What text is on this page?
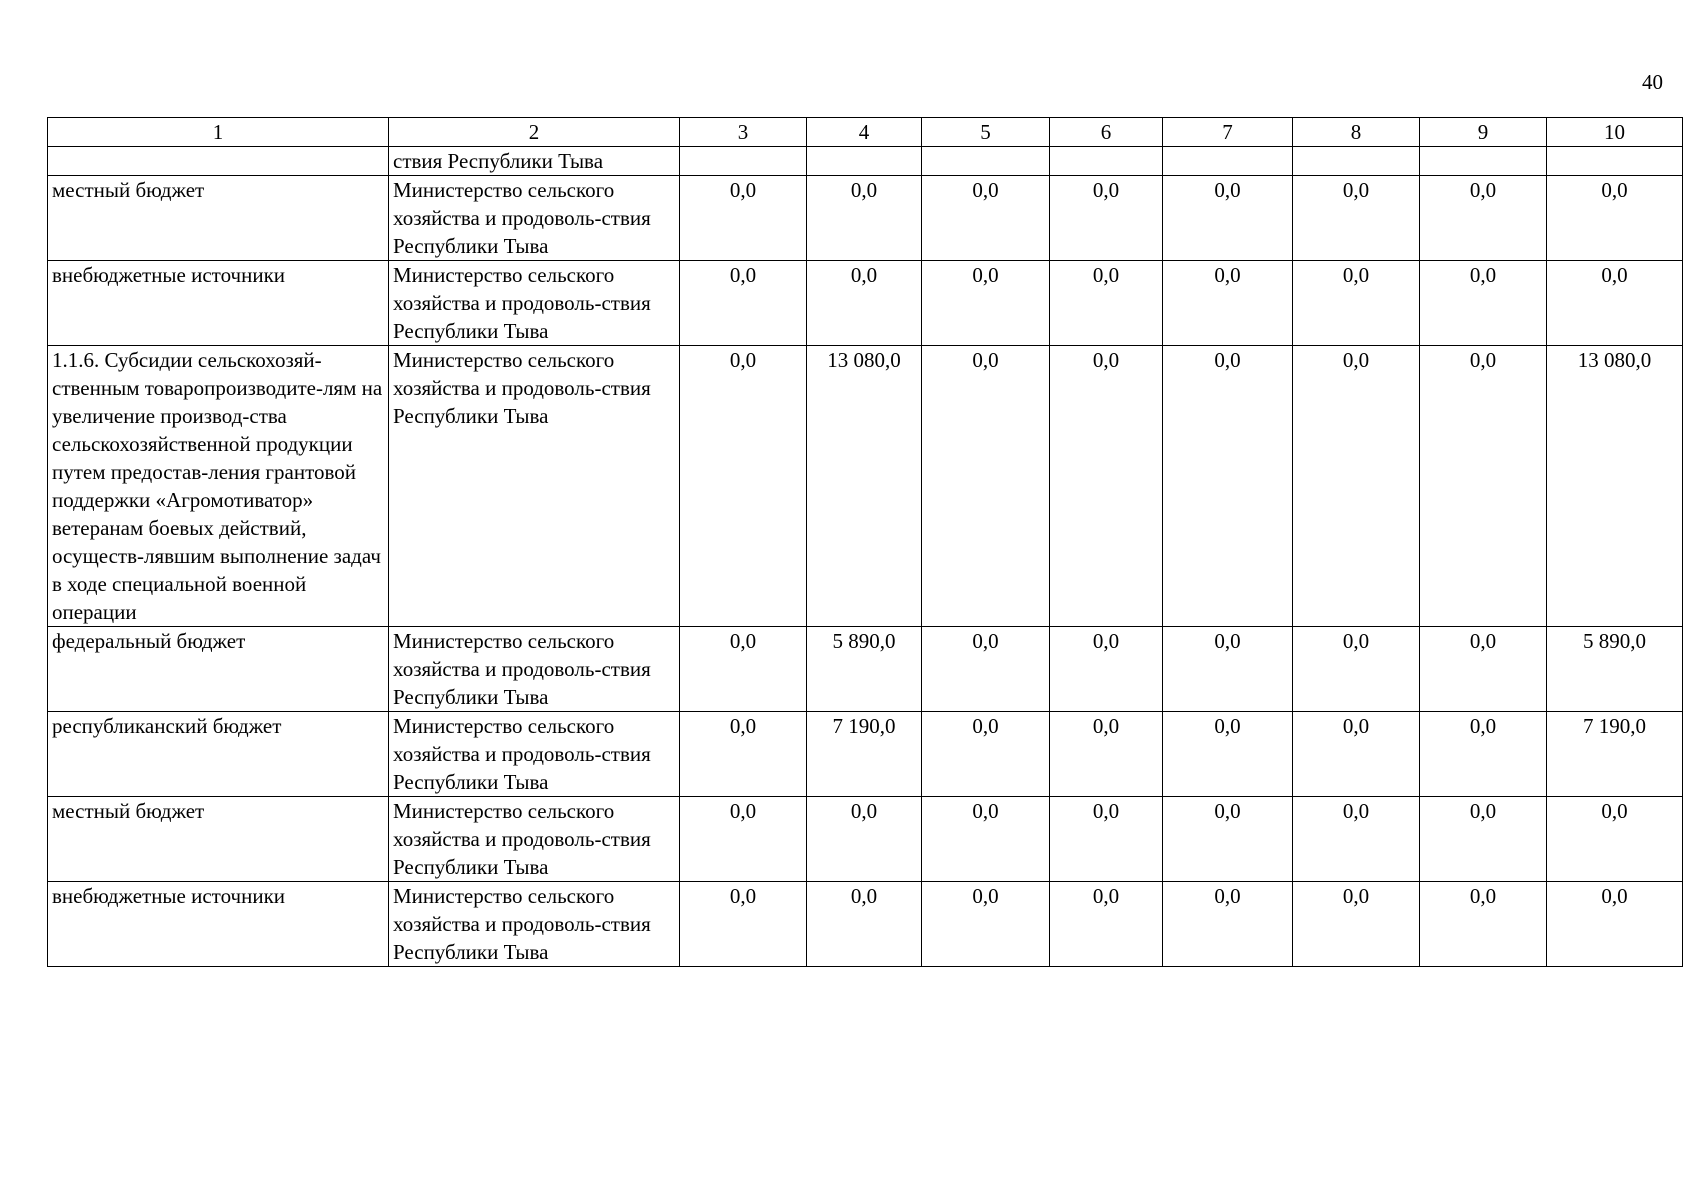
40
1	2	3	4	5	6	7	8	9	10
	ствия Республики Тыва								
местный бюджет	Министерство сельского хозяйства и продоволь-ствия Республики Тыва	0,0	0,0	0,0	0,0	0,0	0,0	0,0	0,0
внебюджетные источники	Министерство сельского хозяйства и продоволь-ствия Республики Тыва	0,0	0,0	0,0	0,0	0,0	0,0	0,0	0,0
1.1.6. Субсидии сельскохозяй-ственным товаропроизводите-лям на увеличение производ-ства сельскохозяйственной продукции путем предостав-ления грантовой поддержки «Агромотиватор» ветеранам боевых действий, осуществ-лявшим выполнение задач в ходе специальной военной операции	Министерство сельского хозяйства и продоволь-ствия Республики Тыва	0,0	13 080,0	0,0	0,0	0,0	0,0	0,0	13 080,0
федеральный бюджет	Министерство сельского хозяйства и продоволь-ствия Республики Тыва	0,0	5 890,0	0,0	0,0	0,0	0,0	0,0	5 890,0
республиканский бюджет	Министерство сельского хозяйства и продоволь-ствия Республики Тыва	0,0	7 190,0	0,0	0,0	0,0	0,0	0,0	7 190,0
местный бюджет	Министерство сельского хозяйства и продоволь-ствия Республики Тыва	0,0	0,0	0,0	0,0	0,0	0,0	0,0	0,0
внебюджетные источники	Министерство сельского хозяйства и продоволь-ствия Республики Тыва	0,0	0,0	0,0	0,0	0,0	0,0	0,0	0,0
